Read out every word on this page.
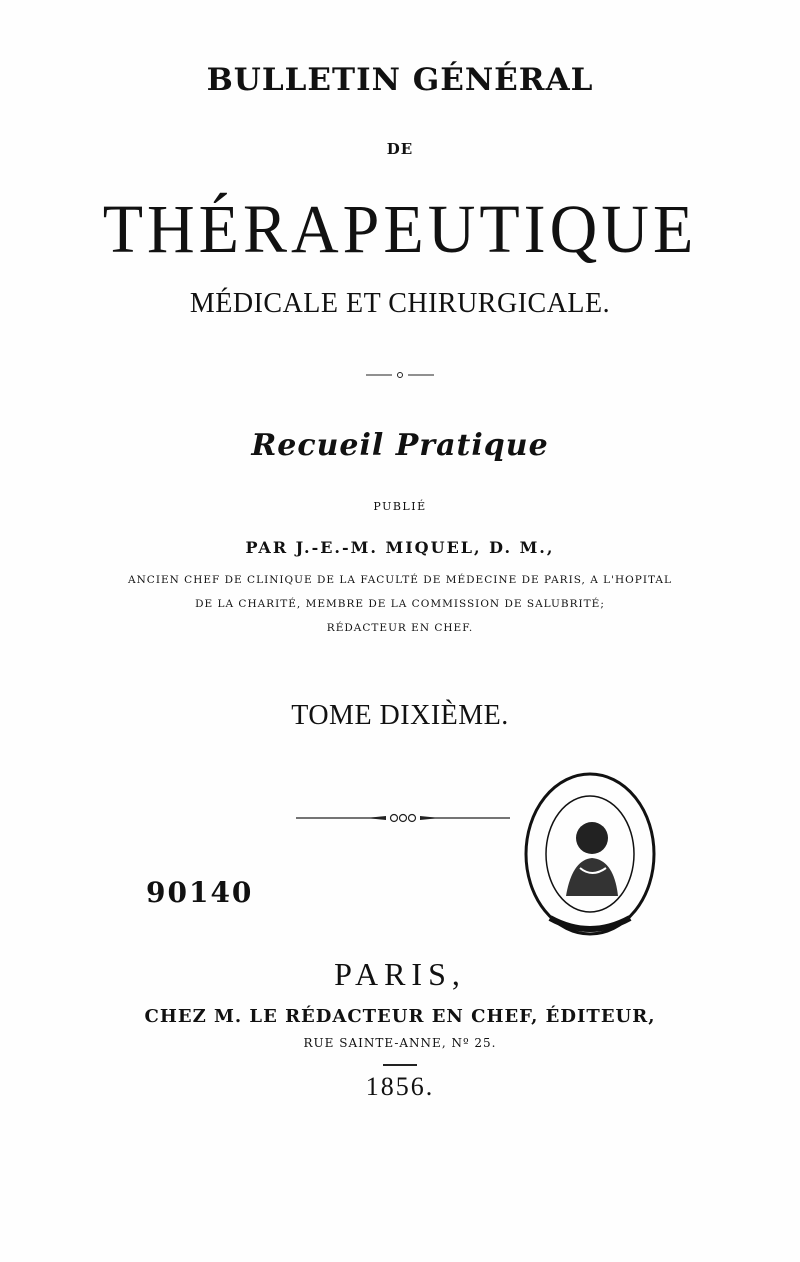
BULLETIN GÉNÉRAL
DE
THÉRAPEUTIQUE
MÉDICALE ET CHIRURGICALE.
Recueil Pratique
PUBLIÉ
PAR J.-E.-M. MIQUEL, D. M.,
ANCIEN CHEF DE CLINIQUE DE LA FACULTÉ DE MÉDECINE DE PARIS, A L'HOPITAL
DE LA CHARITÉ, MEMBRE DE LA COMMISSION DE SALUBRITÉ;
RÉDACTEUR EN CHEF.
TOME DIXIÈME.
90140
PARIS,
CHEZ M. LE RÉDACTEUR EN CHEF, ÉDITEUR,
RUE SAINTE-ANNE, Nº 25.
1856.
